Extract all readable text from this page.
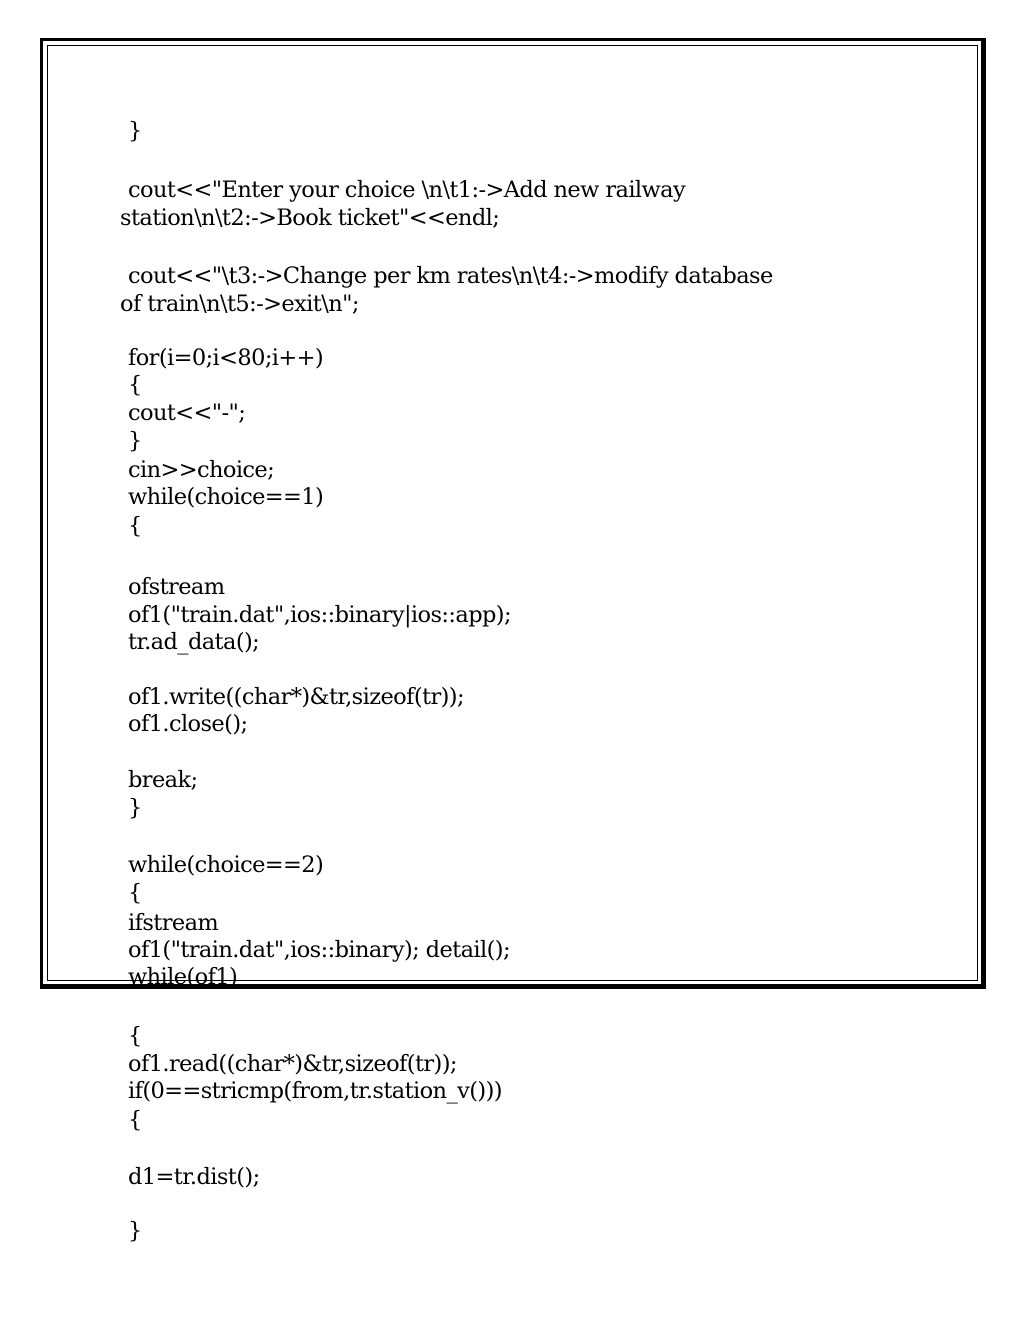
}

cout<<"Enter your choice \n\t1:->Add new railway

station\n\t2:->Book ticket"<<endl;

cout<<"\t3:->Change per km rates\n\t4:->modify database

of train\n\t5:->exit\n";

for(i=0;i<80;i++)

{

cout<<"-";

}

cin>>choice;

while(choice==1)

{

ofstream

of1("train.dat",ios::binary|ios::app);

tr.ad_data();

of1.write((char*)&tr,sizeof(tr));

of1.close();

break;

}

while(choice==2)

{

ifstream

of1("train.dat",ios::binary); detail();

while(of1)

{

of1.read((char*)&tr,sizeof(tr));

if(0==stricmp(from,tr.station_v()))

{

d1=tr.dist();

}
